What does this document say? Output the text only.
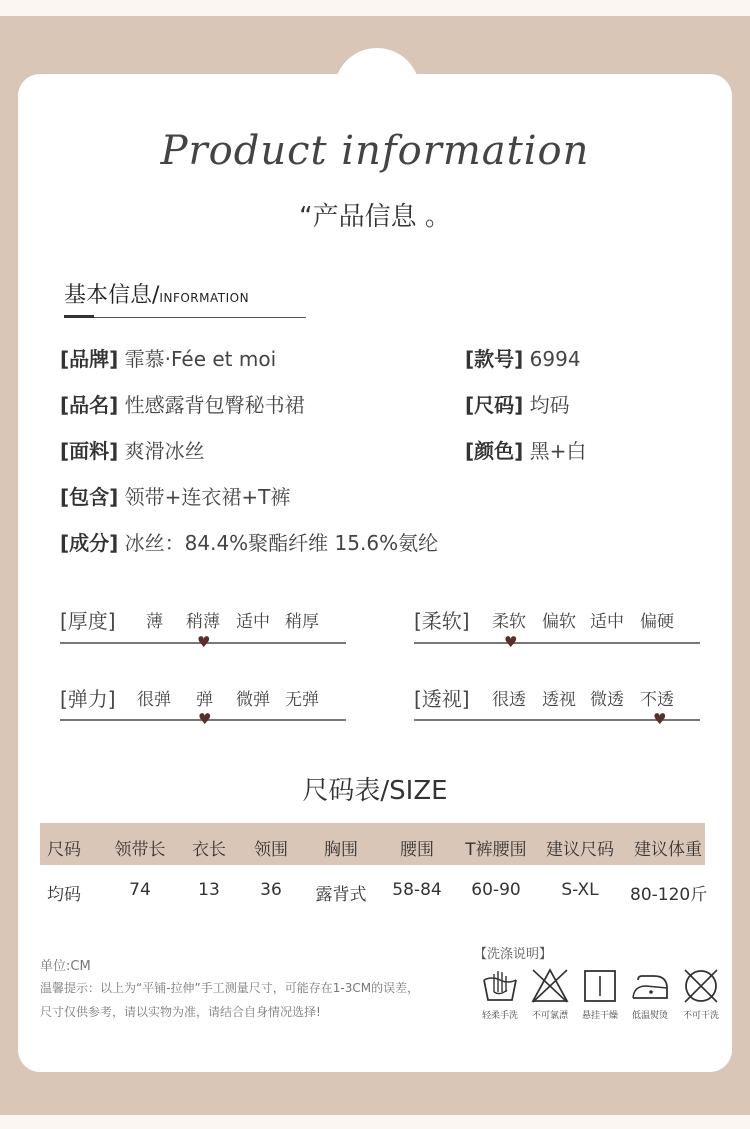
Product information
“产品信息 。
基本信息/INFORMATION
[品牌] 霏慕·Fée et moi	[款号] 6994
[品名] 性感露背包臀秘书裙	[尺码] 均码
[面料] 爽滑冰丝	[颜色] 黑+白
[包含] 领带+连衣裙+T裤
[成分] 冰丝：84.4%聚酯纤维 15.6%氨纶
[厚度] 薄 稍薄 适中 稍厚
♥
[柔软] 柔软 偏软 适中 偏硬
♥
[弹力] 很弹 弹 微弹 无弹
♥
[透视] 很透 透视 微透 不透
♥
尺码表/SIZE
尺码	领带长	衣长	领围	胸围	腰围	T裤腰围	建议尺码 建议体重
均码	74	13	36	露背式 58-84	60-90	S-XL	80-120斤
单位:CM
温馨提示：以上为“平铺-拉伸”手工测量尺寸，可能存在1-3CM的误差，
尺寸仅供参考，请以实物为准，请结合自身情况选择!
【洗涤说明】
轻柔手洗	不可氯漂	悬挂干燥	低温熨烫	不可干洗
